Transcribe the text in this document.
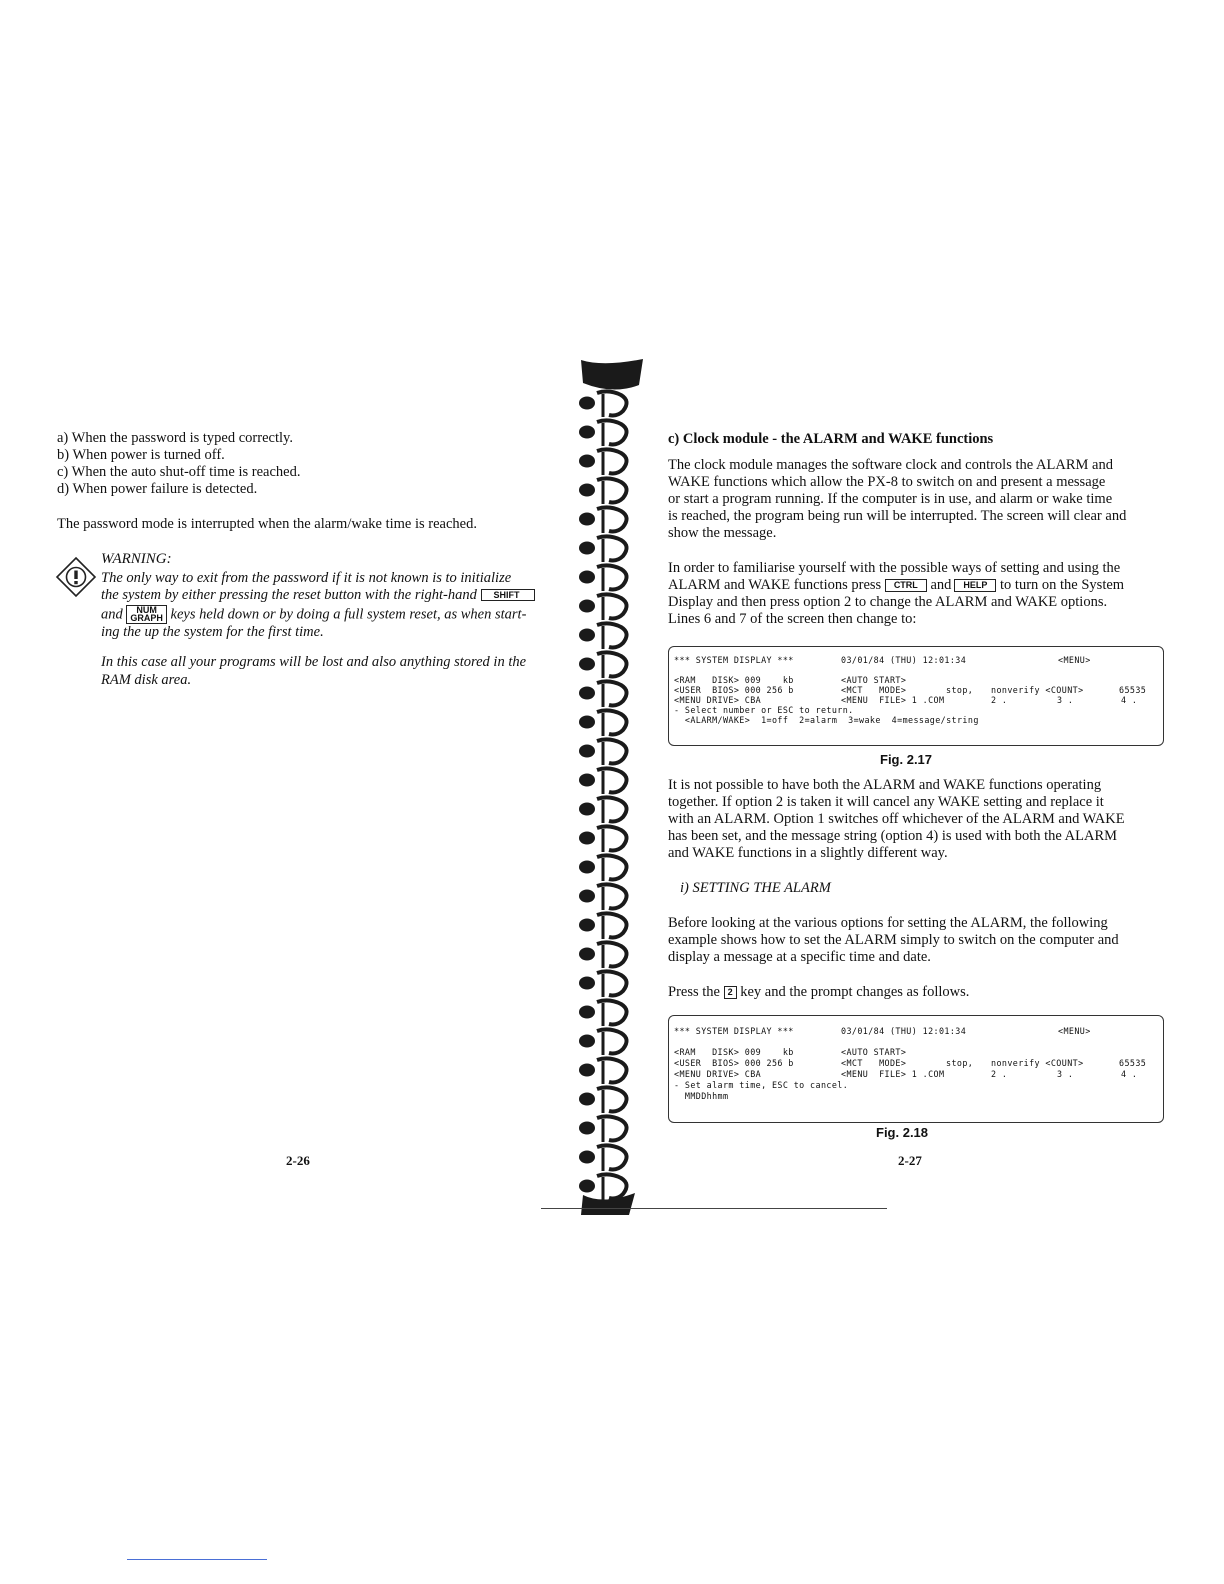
a) When the password is typed correctly.
b) When power is turned off.
c) When the auto shut-off time is reached.
d) When power failure is detected.
The password mode is interrupted when the alarm/wake time is reached.
WARNING:
The only way to exit from the password if it is not known is to initialize
the system by either pressing the reset button with the right-hand SHIFT
and NUM
GRAPH keys held down or by doing a full system reset, as when start-
ing the up the system for the first time.
In this case all your programs will be lost and also anything stored in the
RAM disk area.
2-26
c) Clock module - the ALARM and WAKE functions

The clock module manages the software clock and controls the ALARM and

WAKE functions which allow the PX-8 to switch on and present a message

or start a program running. If the computer is in use, and alarm or wake time

is reached, the program being run will be interrupted. The screen will clear and

show the message.

In order to familiarise yourself with the possible ways of setting and using the

ALARM and WAKE functions press CTRL and HELP to turn on the System

Display and then press option 2 to change the ALARM and WAKE options.

Lines 6 and 7 of the screen then change to:

*** SYSTEM DISPLAY ***	03/01/84 (THU) 12:01:34	<MENU>
<RAM   DISK> 009    kb	<AUTO START>
<USER  BIOS> 000 256 b	<MCT   MODE>	stop, nonverify <COUNT>	65535
<MENU DRIVE> CBA	<MENU  FILE> 1 .COM	2 .	3 .	4 .
- Select number or ESC to return.
<ALARM/WAKE>  1=off  2=alarm  3=wake  4=message/string
Fig. 2.17

It is not possible to have both the ALARM and WAKE functions operating

together. If option 2 is taken it will cancel any WAKE setting and replace it

with an ALARM. Option 1 switches off whichever of the ALARM and WAKE

has been set, and the message string (option 4) is used with both the ALARM

and WAKE functions in a slightly different way.

i) SETTING THE ALARM

Before looking at the various options for setting the ALARM, the following

example shows how to set the ALARM simply to switch on the computer and

display a message at a specific time and date.

Press the 2 key and the prompt changes as follows.

*** SYSTEM DISPLAY ***	03/01/84 (THU) 12:01:34	<MENU>
<RAM   DISK> 009    kb	<AUTO START>
<USER  BIOS> 000 256 b	<MCT   MODE>	stop, nonverify <COUNT>	65535
<MENU DRIVE> CBA	<MENU  FILE> 1 .COM	2 .	3 .	4 .
- Set alarm time, ESC to cancel.
MMDDhhmm
Fig. 2.18
2-27
